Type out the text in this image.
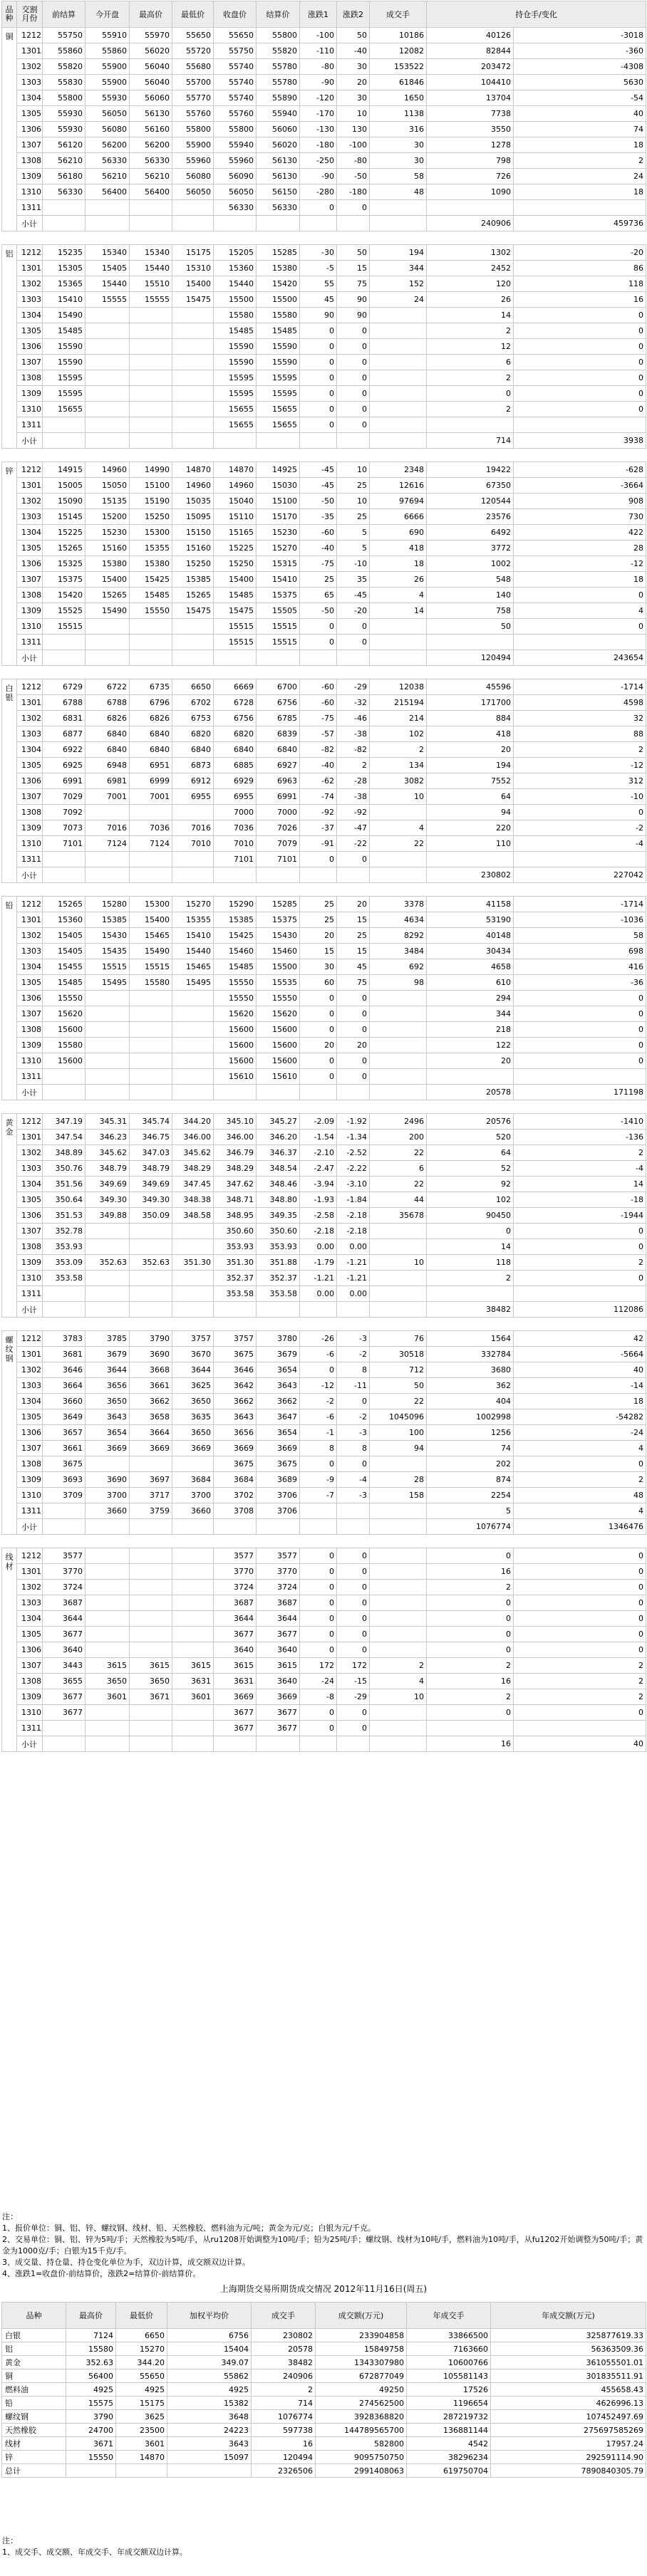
品种	交割月份	前结算	今开盘	最高价	最低价	收盘价	结算价	涨跌1	涨跌2	成交手	持仓手/变化		
铜	1212	55750	55910	55970	55650	55650	55800	-100	50	10186	40126	-3018	
	1301	55860	55860	56020	55720	55750	55820	-110	-40	12082	82844	-360	
	1302	55820	55900	56040	55680	55740	55780	-80	30	153522	203472	-4308	
	1303	55830	55900	56040	55700	55740	55780	-90	20	61846	104410	5630	
	1304	55800	55930	56060	55770	55740	55890	-120	30	1650	13704	-54	
	1305	55930	56050	56130	55760	55760	55940	-170	10	1138	7738	40	
	1306	55930	56080	56160	55800	55800	56060	-130	130	316	3550	74	
	1307	56120	56200	56200	55900	55940	56020	-180	-100	30	1278	18	
	1308	56210	56330	56330	55960	55960	56130	-250	-80	30	798	2	
	1309	56180	56210	56210	56080	56090	56130	-90	-50	58	726	24	
	1310	56330	56400	56400	56050	56050	56150	-280	-180	48	1090	18	
	1311					56330	56330	0	0				
	小计										240906	459736	

铝	1212	15235	15340	15340	15175	15205	15285	-30	50	194	1302	-20	
	1301	15305	15405	15440	15310	15360	15380	-5	15	344	2452	86	
	1302	15365	15440	15510	15400	15440	15420	55	75	152	120	118	
	1303	15410	15555	15555	15475	15500	15500	45	90	24	26	16	
	1304	15490				15580	15580	90	90		14	0	
	1305	15485				15485	15485	0	0		2	0	
	1306	15590				15590	15590	0	0		12	0	
	1307	15590				15590	15590	0	0		6	0	
	1308	15595				15595	15595	0	0		2	0	
	1309	15595				15595	15595	0	0		0	0	
	1310	15655				15655	15655	0	0		2	0	
	1311					15655	15655	0	0				
	小计										714	3938	

锌	1212	14915	14960	14990	14870	14870	14925	-45	10	2348	19422	-628	
	1301	15005	15050	15100	14960	14960	15030	-45	25	12616	67350	-3664	
	1302	15090	15135	15190	15035	15040	15100	-50	10	97694	120544	908	
	1303	15145	15200	15250	15095	15110	15170	-35	25	6666	23576	730	
	1304	15225	15230	15300	15150	15165	15230	-60	5	690	6492	422	
	1305	15265	15160	15355	15160	15225	15270	-40	5	418	3772	28	
	1306	15325	15380	15380	15250	15250	15315	-75	-10	18	1002	-12	
	1307	15375	15400	15425	15385	15400	15410	25	35	26	548	18	
	1308	15420	15265	15485	15265	15485	15375	65	-45	4	140	0	
	1309	15525	15490	15550	15475	15475	15505	-50	-20	14	758	4	
	1310	15515				15515	15515	0	0		50	0	
	1311					15515	15515	0	0				
	小计										120494	243654	

白银	1212	6729	6722	6735	6650	6669	6700	-60	-29	12038	45596	-1714	
	1301	6788	6788	6796	6702	6728	6756	-60	-32	215194	171700	4598	
	1302	6831	6826	6826	6753	6756	6785	-75	-46	214	884	32	
	1303	6877	6840	6840	6820	6820	6839	-57	-38	102	418	88	
	1304	6922	6840	6840	6840	6840	6840	-82	-82	2	20	2	
	1305	6925	6948	6951	6873	6885	6927	-40	2	134	194	-12	
	1306	6991	6981	6999	6912	6929	6963	-62	-28	3082	7552	312	
	1307	7029	7001	7001	6955	6955	6991	-74	-38	10	64	-10	
	1308	7092				7000	7000	-92	-92		94	0	
	1309	7073	7016	7036	7016	7036	7026	-37	-47	4	220	-2	
	1310	7101	7124	7124	7010	7010	7079	-91	-22	22	110	-4	
	1311					7101	7101	0	0				
	小计										230802	227042	

铅	1212	15265	15280	15300	15270	15290	15285	25	20	3378	41158	-1714	
	1301	15360	15385	15400	15355	15385	15375	25	15	4634	53190	-1036	
	1302	15405	15430	15465	15410	15425	15430	20	25	8292	40148	58	
	1303	15405	15435	15490	15440	15460	15460	15	15	3484	30434	698	
	1304	15455	15515	15515	15465	15485	15500	30	45	692	4658	416	
	1305	15485	15495	15580	15495	15550	15535	60	75	98	610	-36	
	1306	15550				15550	15550	0	0		294	0	
	1307	15620				15620	15620	0	0		344	0	
	1308	15600				15600	15600	0	0		218	0	
	1309	15580				15600	15600	20	20		122	0	
	1310	15600				15600	15600	0	0		20	0	
	1311					15610	15610	0	0				
	小计										20578	171198	

黄金	1212	347.19	345.31	345.74	344.20	345.10	345.27	-2.09	-1.92	2496	20576	-1410	
	1301	347.54	346.23	346.75	346.00	346.00	346.20	-1.54	-1.34	200	520	-136	
	1302	348.89	345.62	347.03	345.62	346.79	346.37	-2.10	-2.52	22	64	2	
	1303	350.76	348.79	348.79	348.29	348.29	348.54	-2.47	-2.22	6	52	-4	
	1304	351.56	349.69	349.69	347.45	347.62	348.46	-3.94	-3.10	22	92	14	
	1305	350.64	349.30	349.30	348.38	348.71	348.80	-1.93	-1.84	44	102	-18	
	1306	351.53	349.88	350.09	348.58	348.95	349.35	-2.58	-2.18	35678	90450	-1944	
	1307	352.78				350.60	350.60	-2.18	-2.18		0	0	
	1308	353.93				353.93	353.93	0.00	0.00		14	0	
	1309	353.09	352.63	352.63	351.30	351.30	351.88	-1.79	-1.21	10	118	2	
	1310	353.58				352.37	352.37	-1.21	-1.21		2	0	
	1311					353.58	353.58	0.00	0.00				
	小计										38482	112086	

螺纹钢	1212	3783	3785	3790	3757	3757	3780	-26	-3	76	1564	42	
	1301	3681	3679	3690	3670	3675	3679	-6	-2	30518	332784	-5664	
	1302	3646	3644	3668	3644	3646	3654	0	8	712	3680	40	
	1303	3664	3656	3661	3625	3642	3643	-12	-11	50	362	-14	
	1304	3660	3650	3662	3650	3662	3662	-2	0	22	404	18	
	1305	3649	3643	3658	3635	3643	3647	-6	-2	1045096	1002998	-54282	
	1306	3657	3654	3664	3650	3656	3654	-1	-3	100	1256	-24	
	1307	3661	3669	3669	3669	3669	3669	8	8	94	74	4	
	1308	3675				3675	3675	0	0		202	0	
	1309	3693	3690	3697	3684	3684	3689	-9	-4	28	874	2	
	1310	3709	3700	3717	3700	3702	3706	-7	-3	158	2254	48	
	1311		3660	3759	3660	3708	3706				5	4	
	小计										1076774	1346476	

线材	1212	3577				3577	3577	0	0		0	0	
	1301	3770				3770	3770	0	0		16	0	
	1302	3724				3724	3724	0	0		2	0	
	1303	3687				3687	3687	0	0		0	0	
	1304	3644				3644	3644	0	0		0	0	
	1305	3677				3677	3677	0	0		0	0	
	1306	3640				3640	3640	0	0		0	0	
	1307	3443	3615	3615	3615	3615	3615	172	172	2	2	2	
	1308	3655	3650	3650	3631	3631	3640	-24	-15	4	16	2	
	1309	3677	3601	3671	3601	3669	3669	-8	-29	10	2	2	
	1310	3677				3677	3677	0	0		0	0	
	1311					3677	3677	0	0				
	小计										16	40	

注：

1、报价单位：铜、铝、锌、螺纹钢、线材、铅、天然橡胶、燃料油为元/吨；黄金为元/克；白银为元/千克。

2、交易单位：铜、铝、锌为5吨/手；天然橡胶为5吨/手，从ru1208开始调整为10吨/手；铅为25吨/手；螺纹钢、线材为10吨/手，燃料油为10吨/手，从fu1202开始调整为50吨/手；黄金为1000克/手；白银为15千克/手。

3、成交量、持仓量、持仓变化单位为手，双边计算，成交额双边计算。

4、涨跌1=收盘价-前结算价，涨跌2=结算价-前结算价。

上海期货交易所期货成交情况 2012年11月16日(周五)
品种	最高价	最低价	加权平均价	成交手	成交额(万元)	年成交手	年成交额(万元)
白银	7124	6650	6756	230802	233904858	33866500	325877619.33
铝	15580	15270	15404	20578	15849758	7163660	56363509.36
黄金	352.63	344.20	349.07	38482	1343307980	10600766	361055501.01
铜	56400	55650	55862	240906	672877049	105581143	301835511.91
燃料油	4925	4925	4925	2	49250	17526	455658.43
铅	15575	15175	15382	714	274562500	1196654	4626996.13
螺纹钢	3790	3625	3648	1076774	3928368820	287219732	107452497.69
天然橡胶	24700	23500	24223	597738	144789565700	136881144	275697585269
线材	3671	3601	3643	16	582800	4542	17957.24
锌	15550	14870	15097	120494	9095750750	38296234	292591114.90
总计				2326506	2991408063	619750704	7890840305.79

注：

1、成交手、成交额、年成交手、年成交额双边计算。
